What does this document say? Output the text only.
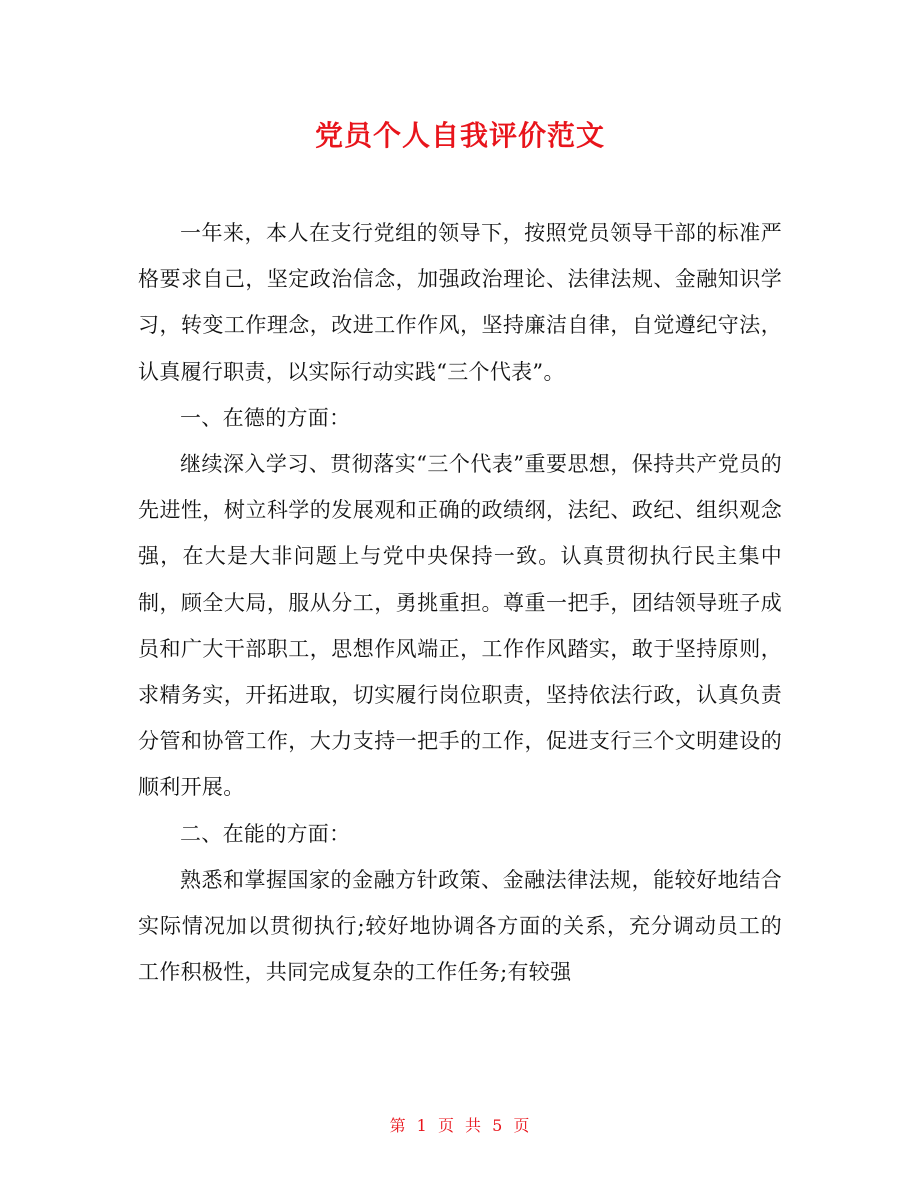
党员个人自我评价范文

一年来，本人在支行党组的领导下，按照党员领导干部的标准严格要求自己，坚定政治信念，加强政治理论、法律法规、金融知识学习，转变工作理念，改进工作作风，坚持廉洁自律，自觉遵纪守法，认真履行职责，以实际行动实践“三个代表”。

一、在德的方面：

继续深入学习、贯彻落实“三个代表”重要思想，保持共产党员的先进性，树立科学的发展观和正确的政绩纲，法纪、政纪、组织观念强，在大是大非问题上与党中央保持一致。认真贯彻执行民主集中制，顾全大局，服从分工，勇挑重担。尊重一把手，团结领导班子成员和广大干部职工，思想作风端正，工作作风踏实，敢于坚持原则，求精务实，开拓进取，切实履行岗位职责，坚持依法行政，认真负责分管和协管工作，大力支持一把手的工作，促进支行三个文明建设的顺利开展。

二、在能的方面：

熟悉和掌握国家的金融方针政策、金融法律法规，能较好地结合实际情况加以贯彻执行;较好地协调各方面的关系，充分调动员工的工作积极性，共同完成复杂的工作任务;有较强

第 1 页 共 5 页
